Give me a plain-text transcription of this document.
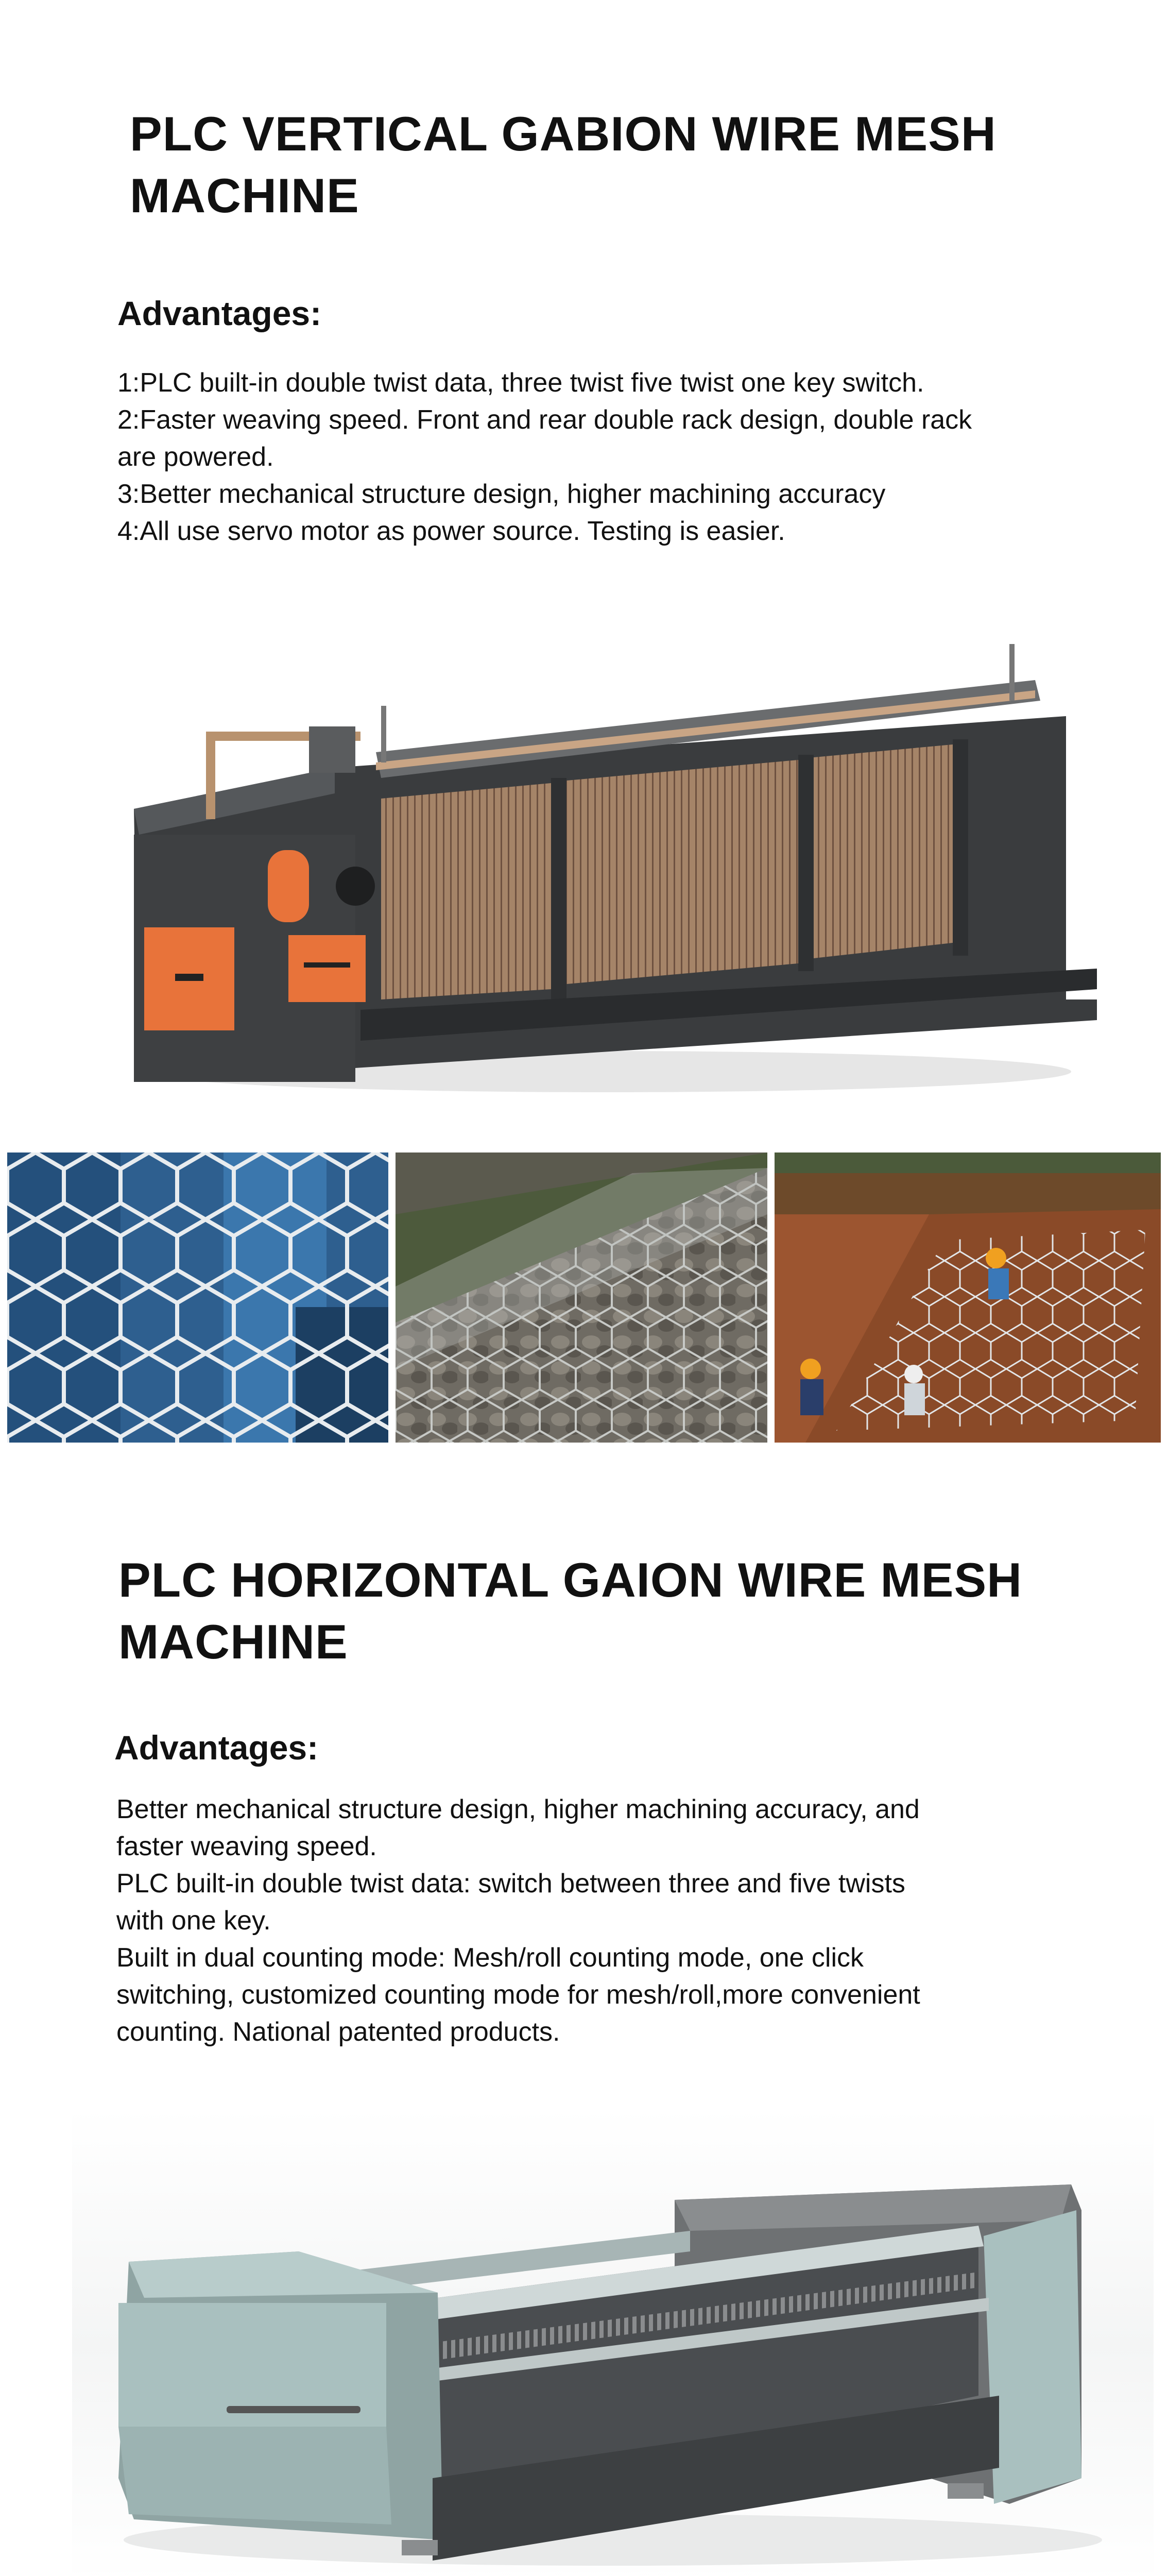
PLC VERTICAL GABION WIRE MESH
MACHINE
Advantages:

1:PLC built-in double twist data, three twist five twist one key switch.

2:Faster weaving speed. Front and rear double rack design, double rack

are powered.

3:Better mechanical structure design, higher machining accuracy

4:All use servo motor as power source. Testing is easier.

PLC HORIZONTAL GAION WIRE MESH
MACHINE
Advantages:

Better mechanical structure design, higher machining accuracy, and

faster weaving speed.

PLC built-in double twist data: switch between three and five twists

with one key.

Built in dual counting mode: Mesh/roll counting mode, one click

switching, customized counting mode for mesh/roll,more convenient

counting. National patented products.
